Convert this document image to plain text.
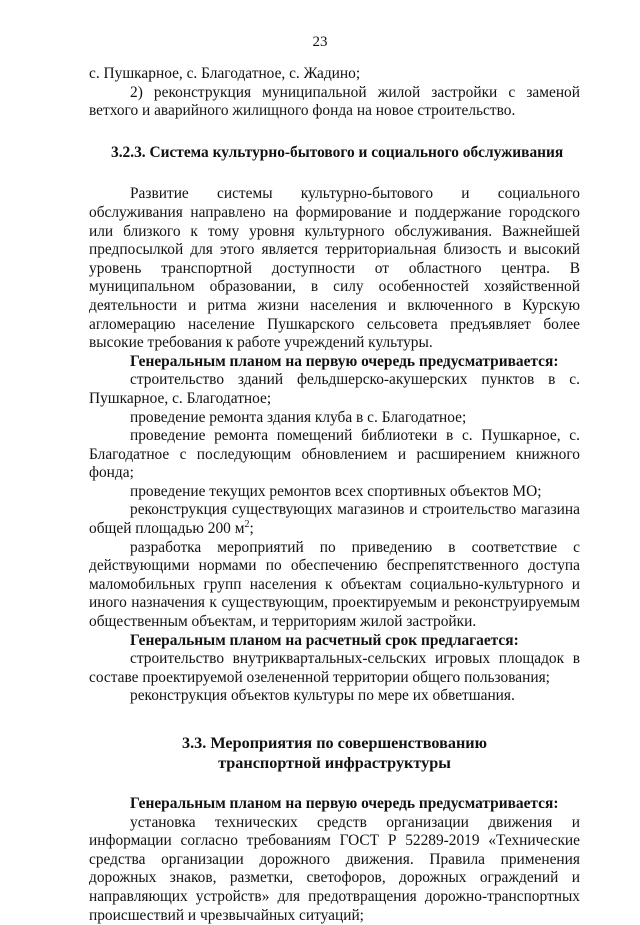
23

с. Пушкарное, с. Благодатное, с. Жадино;

2) реконструкция муниципальной жилой застройки с заменой ветхого и аварийного жилищного фонда на новое строительство.

3.2.3. Система культурно-бытового и социального обслуживания

Развитие системы культурно-бытового и социального обслуживания направлено на формирование и поддержание городского или близкого к тому уровня культурного обслуживания. Важнейшей предпосылкой для этого является территориальная близость и высокий уровень транспортной доступности от областного центра. В муниципальном образовании, в силу особенностей хозяйственной деятельности и ритма жизни населения и включенного в Курскую агломерацию население Пушкарского сельсовета предъявляет более высокие требования к работе учреждений культуры.

Генеральным планом на первую очередь предусматривается:

строительство зданий фельдшерско-акушерских пунктов в с. Пушкарное, с. Благодатное;

проведение ремонта здания клуба в с. Благодатное;

проведение ремонта помещений библиотеки в с. Пушкарное, с. Благодатное с последующим обновлением и расширением книжного фонда;

проведение текущих ремонтов всех спортивных объектов МО;

реконструкция существующих магазинов и строительство магазина общей площадью 200 $м^2$;

разработка мероприятий по приведению в соответствие с действующими нормами по обеспечению беспрепятственного доступа маломобильных групп населения к объектам социально-культурного и иного назначения к существующим, проектируемым и реконструируемым общественным объектам, и территориям жилой застройки.

Генеральным планом на расчетный срок предлагается:

строительство внутриквартальных-сельских игровых площадок в составе проектируемой озелененной территории общего пользования;

реконструкция объектов культуры по мере их обветшания.

3.3. Мероприятия по совершенствованию
транспортной инфраструктуры

Генеральным планом на первую очередь предусматривается:

установка технических средств организации движения и информации согласно требованиям ГОСТ Р 52289-2019 «Технические средства организации дорожного движения. Правила применения дорожных знаков, разметки, светофоров, дорожных ограждений и направляющих устройств» для предотвращения дорожно-транспортных происшествий и чрезвычайных ситуаций;
